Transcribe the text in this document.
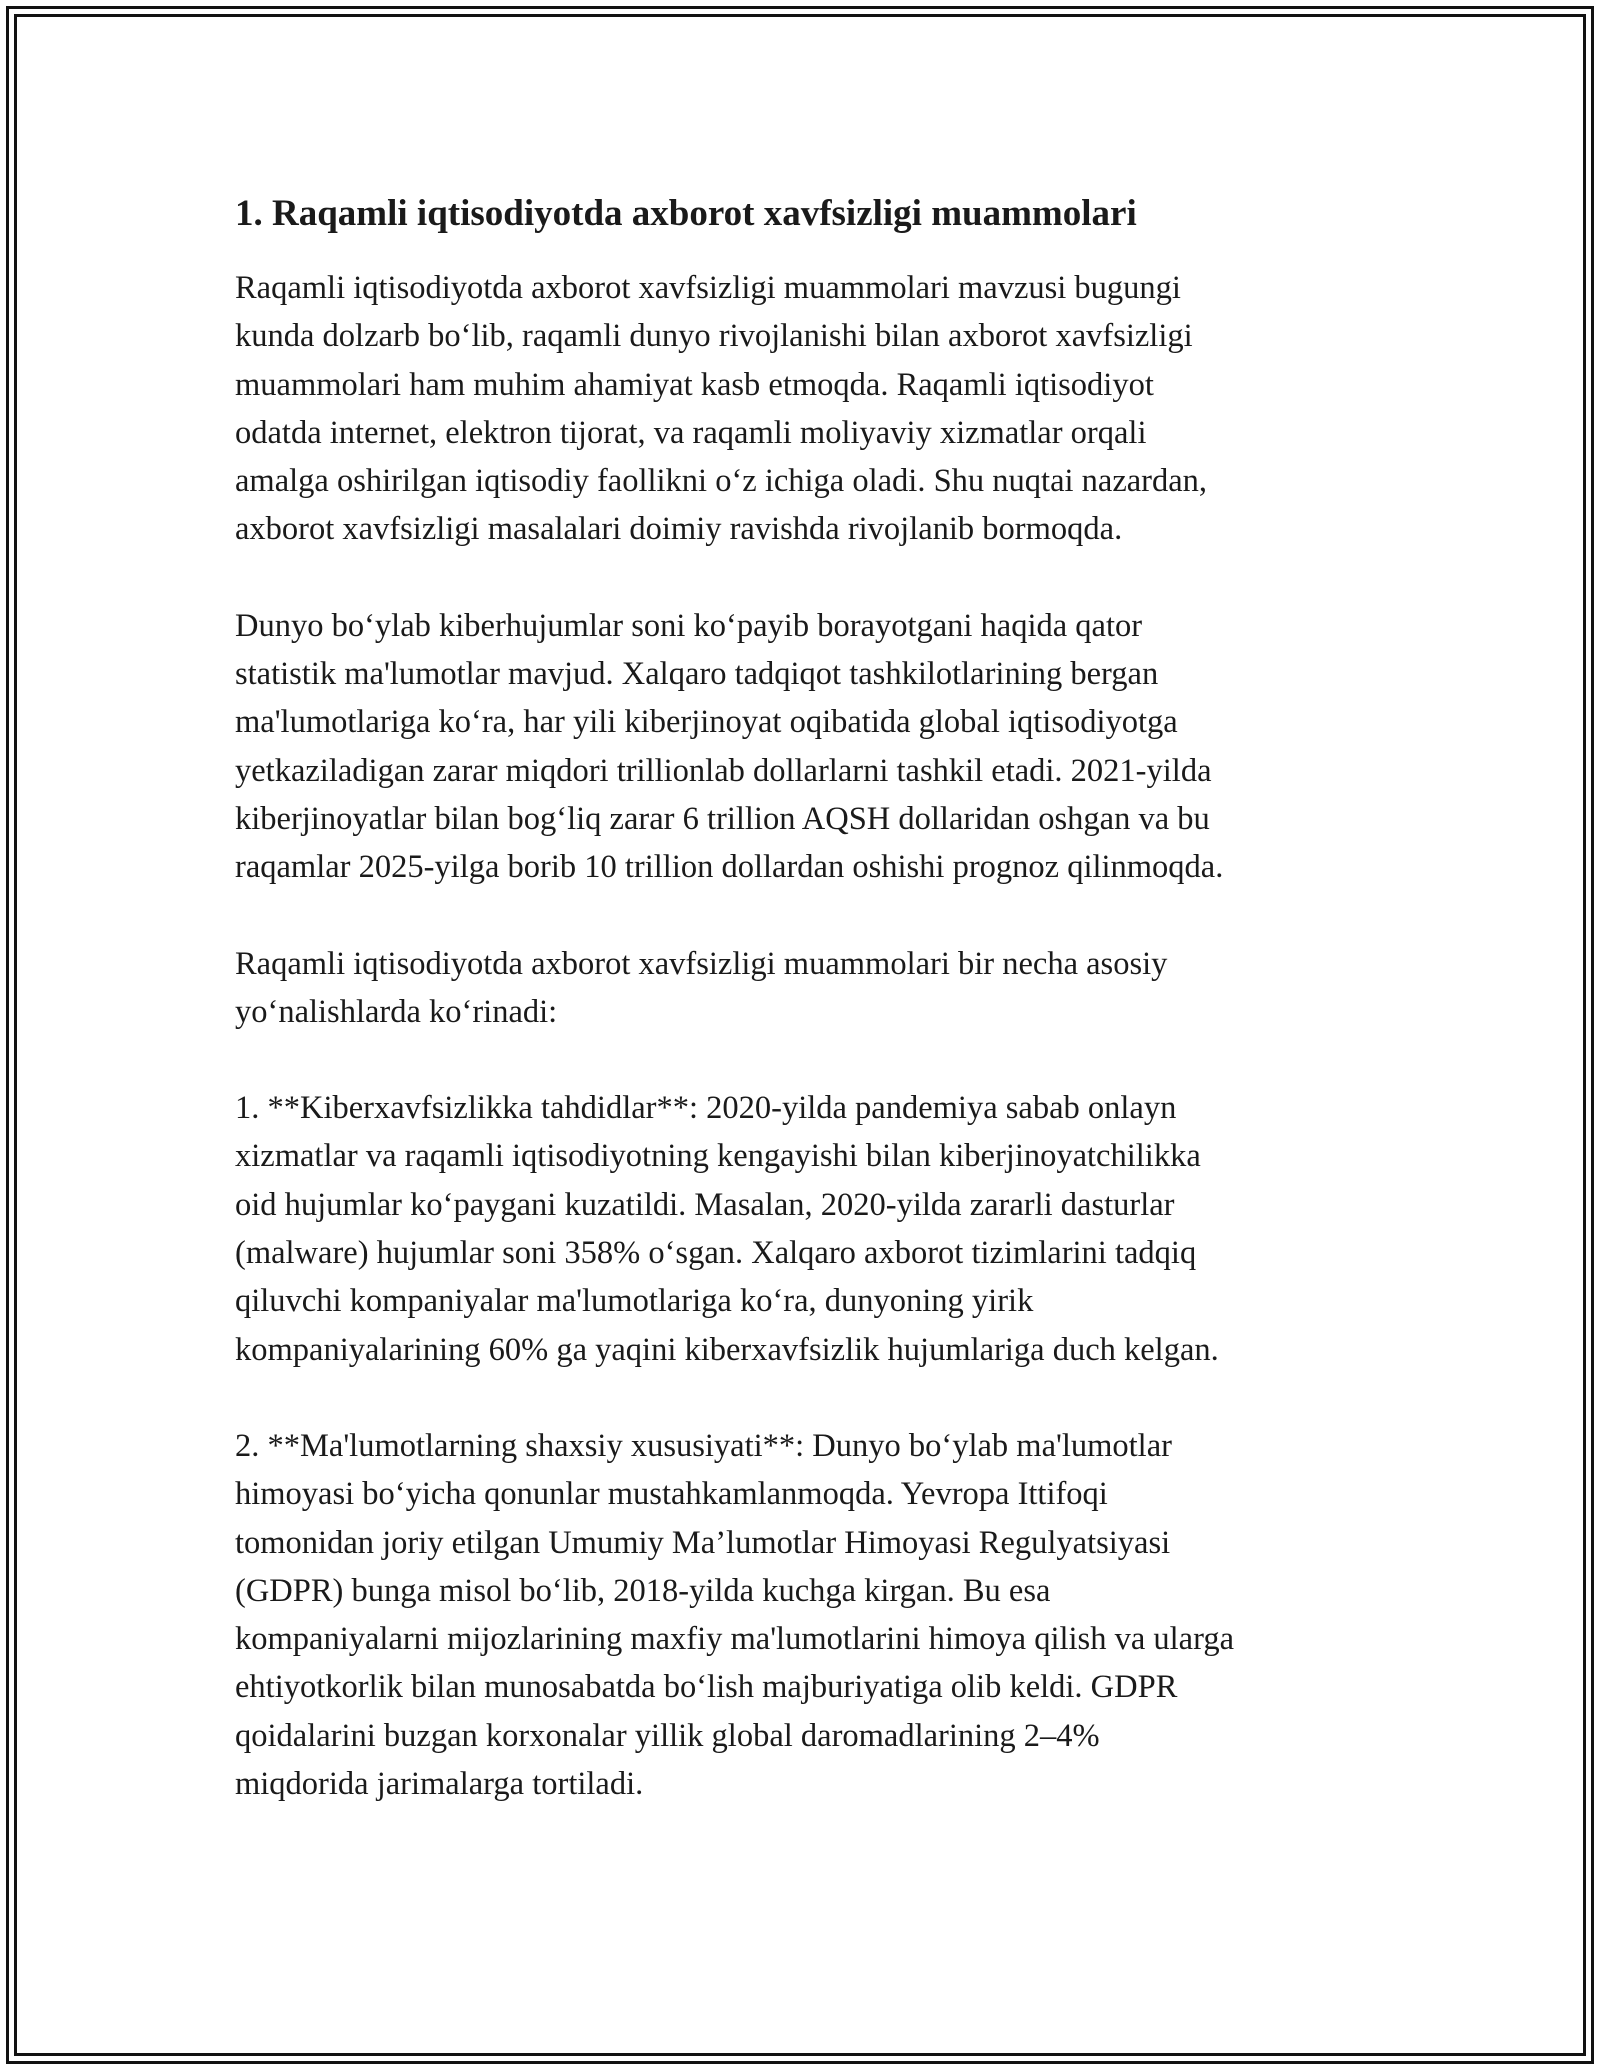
1. Raqamli iqtisodiyotda axborot xavfsizligi muammolari

Raqamli iqtisodiyotda axborot xavfsizligi muammolari mavzusi bugungi
kunda dolzarb bo‘lib, raqamli dunyo rivojlanishi bilan axborot xavfsizligi
muammolari ham muhim ahamiyat kasb etmoqda. Raqamli iqtisodiyot
odatda internet, elektron tijorat, va raqamli moliyaviy xizmatlar orqali
amalga oshirilgan iqtisodiy faollikni o‘z ichiga oladi. Shu nuqtai nazardan,
axborot xavfsizligi masalalari doimiy ravishda rivojlanib bormoqda.

Dunyo bo‘ylab kiberhujumlar soni ko‘payib borayotgani haqida qator
statistik ma'lumotlar mavjud. Xalqaro tadqiqot tashkilotlarining bergan
ma'lumotlariga ko‘ra, har yili kiberjinoyat oqibatida global iqtisodiyotga
yetkaziladigan zarar miqdori trillionlab dollarlarni tashkil etadi. 2021-yilda
kiberjinoyatlar bilan bog‘liq zarar 6 trillion AQSH dollaridan oshgan va bu
raqamlar 2025-yilga borib 10 trillion dollardan oshishi prognoz qilinmoqda.

Raqamli iqtisodiyotda axborot xavfsizligi muammolari bir necha asosiy
yo‘nalishlarda ko‘rinadi:

1. **Kiberxavfsizlikka tahdidlar**: 2020-yilda pandemiya sabab onlayn
xizmatlar va raqamli iqtisodiyotning kengayishi bilan kiberjinoyatchilikka
oid hujumlar ko‘paygani kuzatildi. Masalan, 2020-yilda zararli dasturlar
(malware) hujumlar soni 358% o‘sgan. Xalqaro axborot tizimlarini tadqiq
qiluvchi kompaniyalar ma'lumotlariga ko‘ra, dunyoning yirik
kompaniyalarining 60% ga yaqini kiberxavfsizlik hujumlariga duch kelgan.

2. **Ma'lumotlarning shaxsiy xususiyati**: Dunyo bo‘ylab ma'lumotlar
himoyasi bo‘yicha qonunlar mustahkamlanmoqda. Yevropa Ittifoqi
tomonidan joriy etilgan Umumiy Ma’lumotlar Himoyasi Regulyatsiyasi
(GDPR) bunga misol bo‘lib, 2018-yilda kuchga kirgan. Bu esa
kompaniyalarni mijozlarining maxfiy ma'lumotlarini himoya qilish va ularga
ehtiyotkorlik bilan munosabatda bo‘lish majburiyatiga olib keldi. GDPR
qoidalarini buzgan korxonalar yillik global daromadlarining 2–4%
miqdorida jarimalarga tortiladi.
